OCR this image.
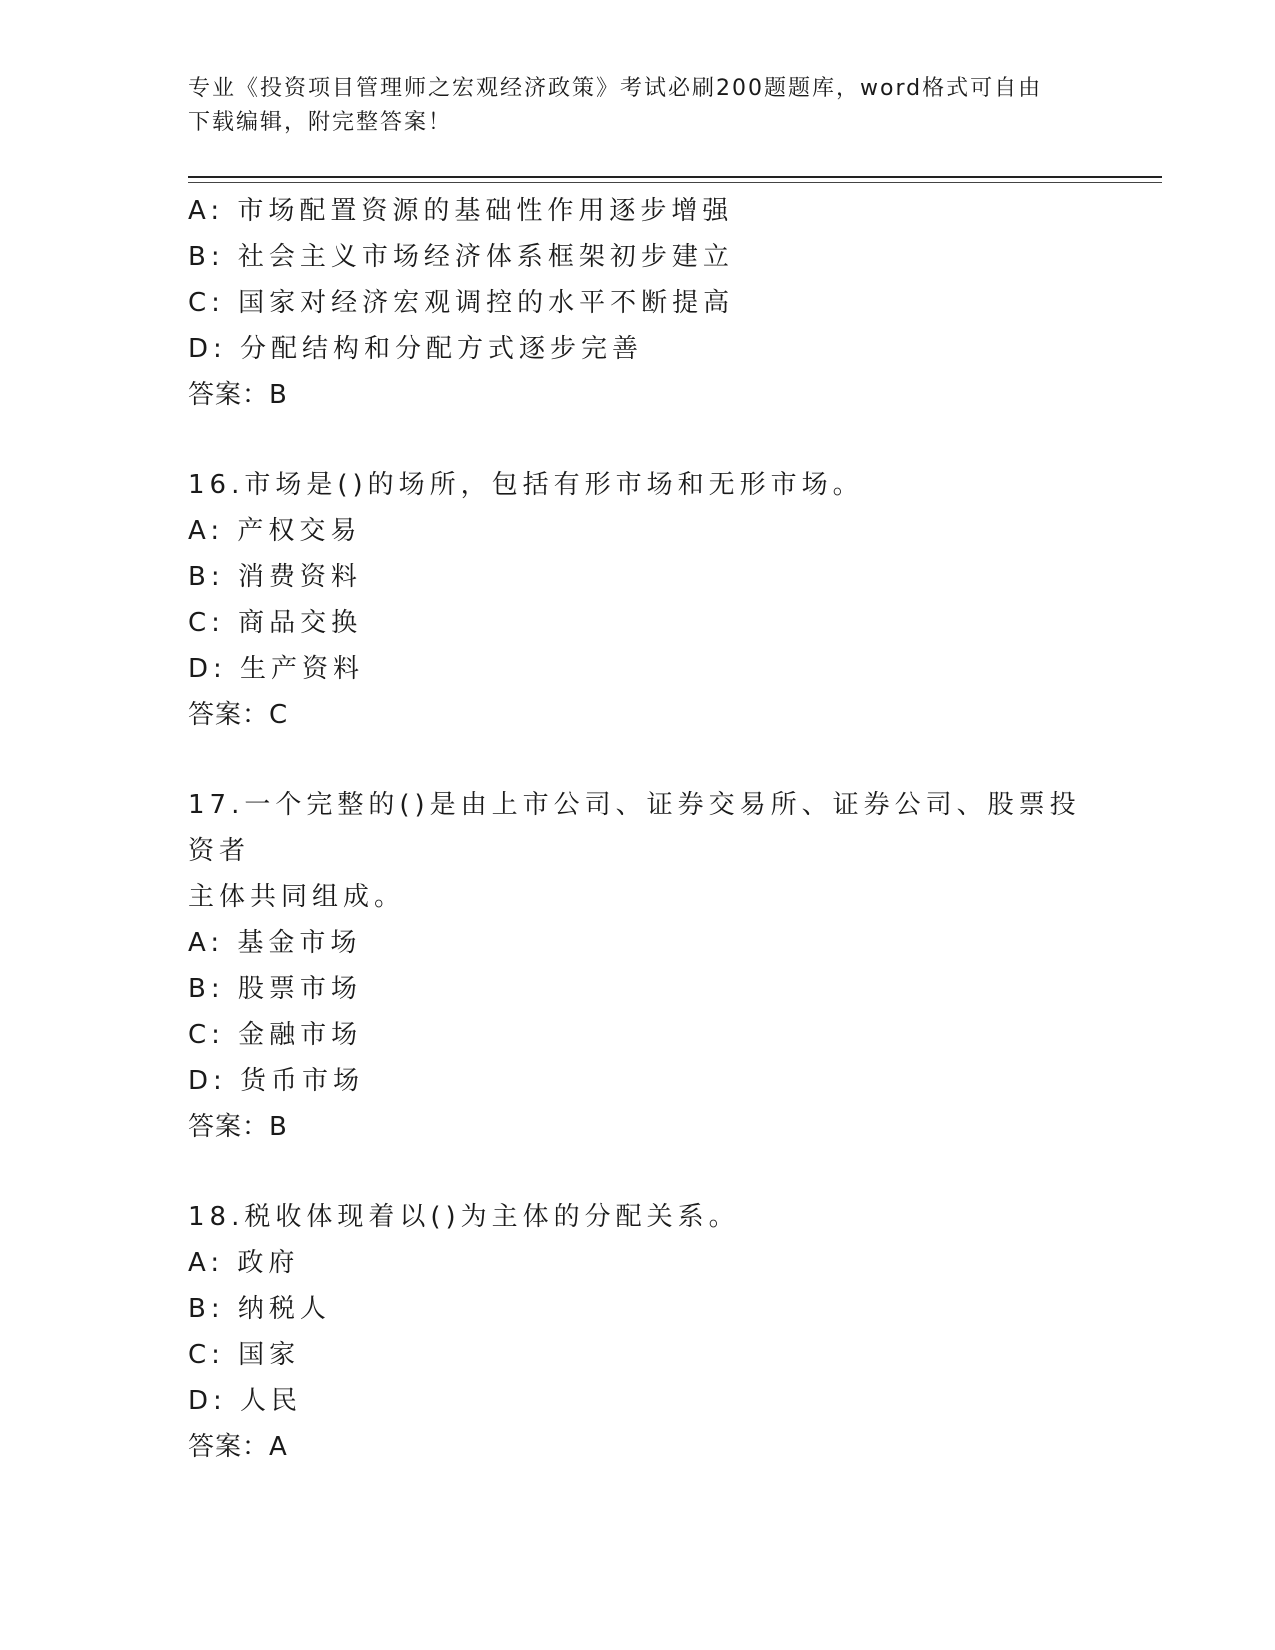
专业《投资项目管理师之宏观经济政策》考试必刷200题题库，word格式可自由
下载编辑，附完整答案！
A: 市场配置资源的基础性作用逐步增强
B: 社会主义市场经济体系框架初步建立
C: 国家对经济宏观调控的水平不断提高
D: 分配结构和分配方式逐步完善
答案：B
16.市场是()的场所，包括有形市场和无形市场。
A: 产权交易
B: 消费资料
C: 商品交换
D: 生产资料
答案：C
17.一个完整的()是由上市公司、证券交易所、证券公司、股票投资者
主体共同组成。
A: 基金市场
B: 股票市场
C: 金融市场
D: 货币市场
答案：B
18.税收体现着以()为主体的分配关系。
A: 政府
B: 纳税人
C: 国家
D: 人民
答案：A
